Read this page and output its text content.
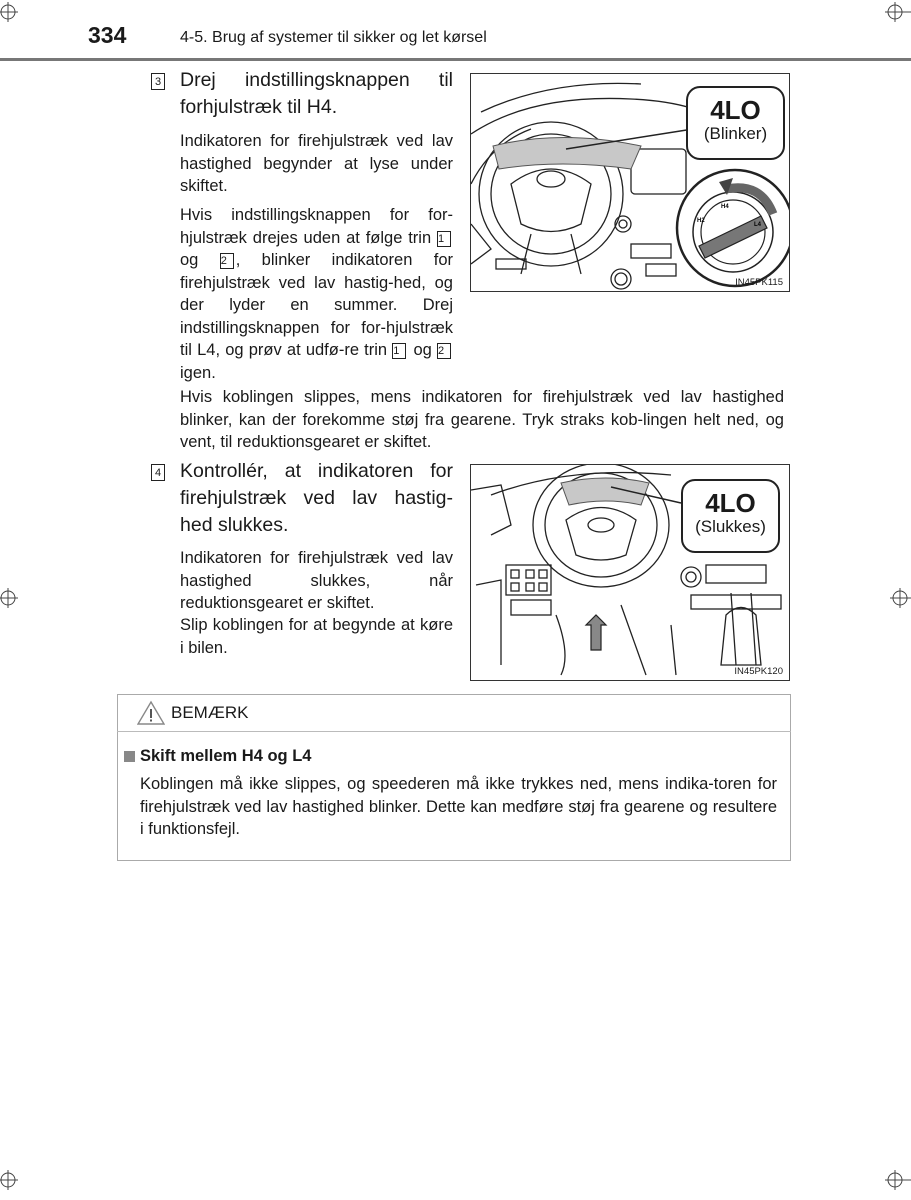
334	4-5. Brug af systemer til sikker og let kørsel
3 Drej indstillingsknappen til
forhjulstræk til H4.
Indikatoren for firehjulstræk ved lav hastighed begynder at lyse under skiftet.
Hvis indstillingsknappen for for-hjulstræk drejes uden at følge trin 1 og 2 , blinker indikatoren for firehjulstræk ved lav hastig-hed, og der lyder en summer. Drej indstillingsknappen for for-hjulstræk til L4, og prøv at udfø-re trin 1 og 2 igen.
Hvis koblingen slippes, mens indikatoren for firehjulstræk ved lav hastighed blinker, kan der forekomme støj fra gearene. Tryk straks kob-lingen helt ned, og vent, til reduktionsgearet er skiftet.
H4
L4
H2
4LO
(Blinker)
IN45PK115
4 Kontrollér, at indikatoren for
firehjulstræk ved lav hastig-
hed slukkes.
Indikatoren for firehjulstræk ved lav hastighed slukkes, når reduktionsgearet er skiftet.
Slip koblingen for at begynde at køre i bilen.
4LO
(Slukkes)
IN45PK120
BEMÆRK
Skift mellem H4 og L4
Koblingen må ikke slippes, og speederen må ikke trykkes ned, mens indika-toren for firehjulstræk ved lav hastighed blinker. Dette kan medføre støj fra gearene og resultere i funktionsfejl.
